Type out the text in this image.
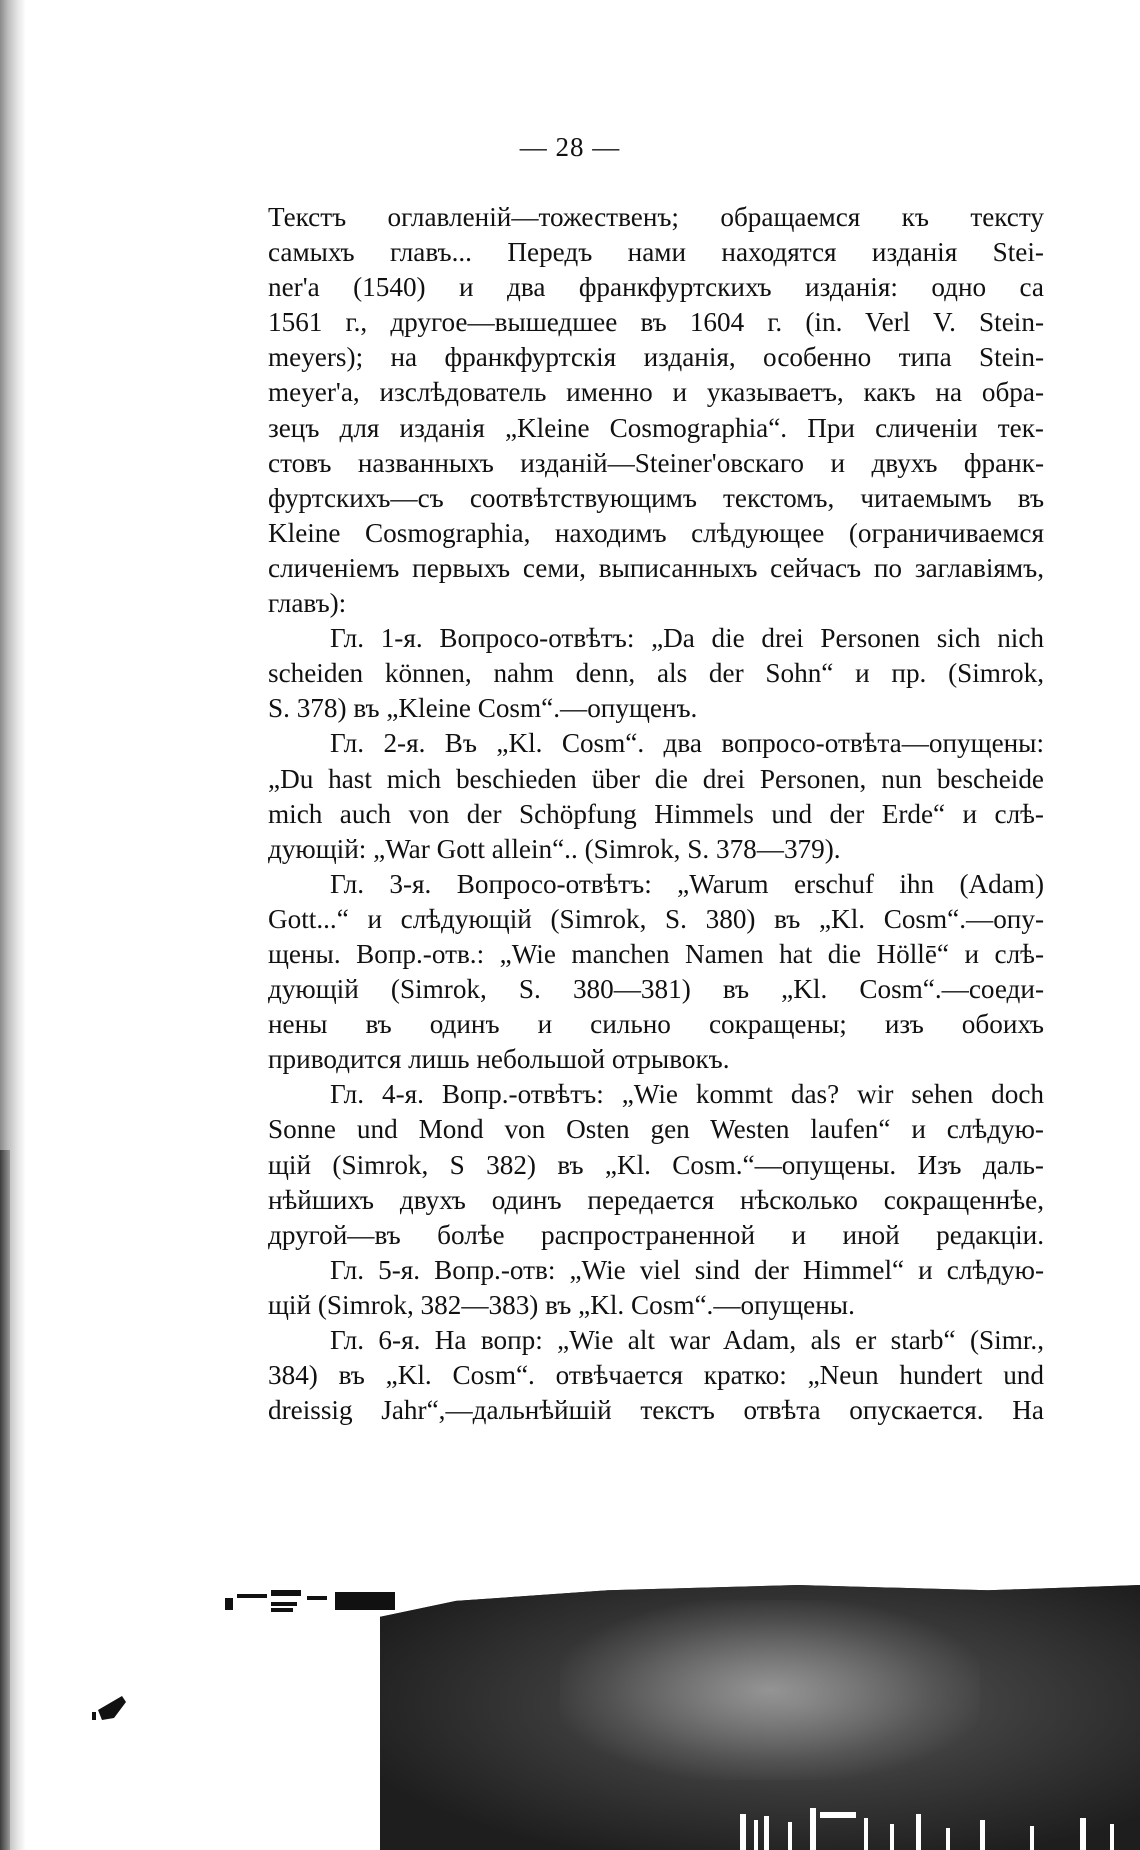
— 28 —
Текстъ оглавленій—тожественъ; обращаемся къ тексту
самыхъ главъ... Передъ нами находятся изданія Stei-
ner'а (1540) и два франкфуртскихъ изданія: одно са
1561 г., другое—вышедшее въ 1604 г. (in. Verl V. Stein-
meyers); на франкфуртскія изданія, особенно типа Stein-
meyer'а, изслѣдователь именно и указываетъ, какъ на обра-
зецъ для изданія „Kleine Cosmographia“. При сличеніи тек-
стовъ названныхъ изданій—Steiner'овскаго и двухъ франк-
фуртскихъ—съ соотвѣтствующимъ текстомъ, читаемымъ въ
Kleine Cosmographia, находимъ слѣдующее (ограничиваемся
сличеніемъ первыхъ семи, выписанныхъ сейчасъ по заглавіямъ,
главъ):
Гл. 1-я. Вопросо-отвѣтъ: „Da die drei Personen sich nich
scheiden können, nahm denn, als der Sohn“ и пр. (Simrok,
S. 378) въ „Kleine Cosm“.—опущенъ.
Гл. 2-я. Въ „Kl. Cosm“. два вопросо-отвѣта—опущены:
„Du hast mich beschieden über die drei Personen, nun bescheide
mich auch von der Schöpfung Himmels und der Erde“ и слѣ-
дующій: „War Gott allein“.. (Simrok, S. 378—379).
Гл. 3-я. Вопросо-отвѣтъ: „Warum erschuf ihn (Adam)
Gott...“ и слѣдующій (Simrok, S. 380) въ „Kl. Cosm“.—опу-
щены. Вопр.-отв.: „Wie manchen Namen hat die Höllē“ и слѣ-
дующій (Simrok, S. 380—381) въ „Kl. Cosm“.—соеди-
нены въ одинъ и сильно сокращены; изъ обоихъ
приводится лишь небольшой отрывокъ.
Гл. 4-я. Вопр.-отвѣтъ: „Wie kommt das? wir sehen doch
Sonne und Mond von Osten gen Westen laufen“ и слѣдую-
щій (Simrok, S 382) въ „Kl. Cosm.“—опущены. Изъ даль-
нѣйшихъ двухъ одинъ передается нѣсколько сокращеннѣе,
другой—въ болѣе распространенной и иной редакціи.
Гл. 5-я. Вопр.-отв: „Wie viel sind der Himmel“ и слѣдую-
щій (Simrok, 382—383) въ „Kl. Cosm“.—опущены.
Гл. 6-я. На вопр: „Wie alt war Adam, als er starb“ (Simr.,
384) въ „Kl. Cosm“. отвѣчается кратко: „Neun hundert und
dreissig Jahr“,—дальнѣйшій текстъ отвѣта опускается. На
